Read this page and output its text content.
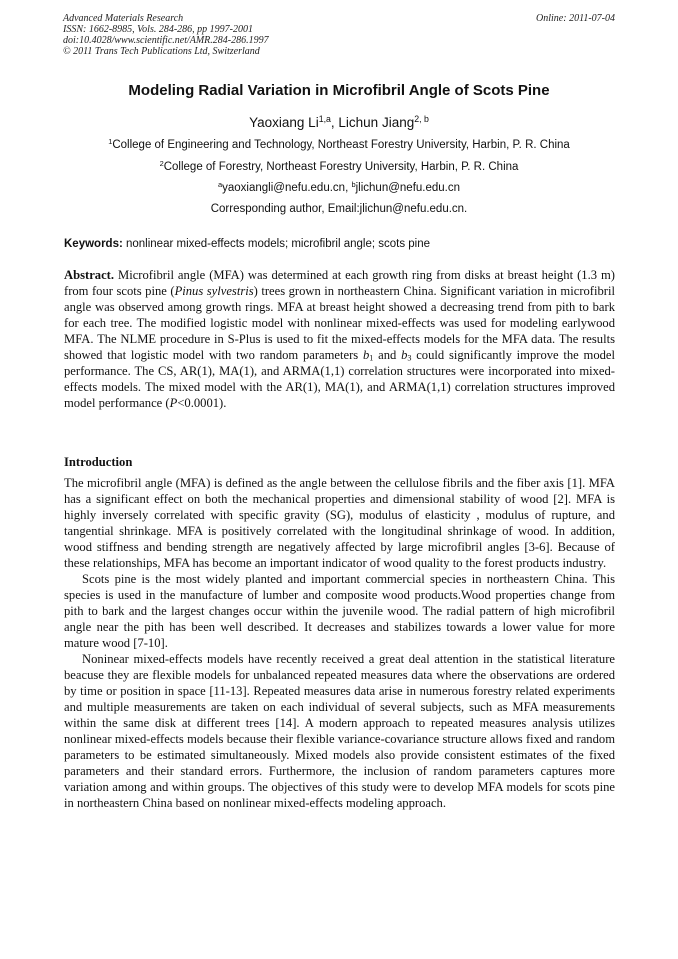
Advanced Materials Research
ISSN: 1662-8985, Vols. 284-286, pp 1997-2001
doi:10.4028/www.scientific.net/AMR.284-286.1997
© 2011 Trans Tech Publications Ltd, Switzerland
Online: 2011-07-04
Modeling Radial Variation in Microfibril Angle of Scots Pine
Yaoxiang Li$^{1,a}$, Lichun Jiang$^{2, b}$
$^1$College of Engineering and Technology, Northeast Forestry University, Harbin, P. R. China
$^2$College of Forestry, Northeast Forestry University, Harbin, P. R. China
$^a$yaoxiangli@nefu.edu.cn, $^b$jlichun@nefu.edu.cn
Corresponding author, Email:jlichun@nefu.edu.cn.
Keywords: nonlinear mixed-effects models; microfibril angle; scots pine
Abstract. Microfibril angle (MFA) was determined at each growth ring from disks at breast height (1.3 m) from four scots pine (Pinus sylvestris) trees grown in northeastern China. Significant variation in microfibril angle was observed among growth rings. MFA at breast height showed a decreasing trend from pith to bark for each tree. The modified logistic model with nonlinear mixed-effects was used for modeling earlywood MFA. The NLME procedure in S-Plus is used to fit the mixed-effects models for the MFA data. The results showed that logistic model with two random parameters $b_1$ and $b_3$ could significantly improve the model performance. The CS, AR(1), MA(1), and ARMA(1,1) correlation structures were incorporated into mixed-effects models. The mixed model with the AR(1), MA(1), and ARMA(1,1) correlation structures improved model performance (P<0.0001).
Introduction

The microfibril angle (MFA) is defined as the angle between the cellulose fibrils and the fiber axis [1]. MFA has a significant effect on both the mechanical properties and dimensional stability of wood [2]. MFA is highly inversely correlated with specific gravity (SG), modulus of elasticity , modulus of rupture, and tangential shrinkage. MFA is positively correlated with the longitudinal shrinkage of wood. In addition, wood stiffness and bending strength are negatively affected by large microfibril angles [3-6]. Because of these relationships, MFA has become an important indicator of wood quality to the forest products industry.

Scots pine is the most widely planted and important commercial species in northeastern China. This species is used in the manufacture of lumber and composite wood products.Wood properties change from pith to bark and the largest changes occur within the juvenile wood. The radial pattern of high microfibril angle near the pith has been well described. It decreases and stabilizes towards a lower value for more mature wood [7-10].

Noninear mixed-effects models have recently received a great deal attention in the statistical literature beacuse they are flexible models for unbalanced repeated measures data where the observations are ordered by time or position in space [11-13]. Repeated measures data arise in numerous forestry related experiments and multiple measurements are taken on each individual of several subjects, such as MFA measurements within the same disk at different trees [14]. A modern approach to repeated measures analysis utilizes nonlinear mixed-effects models because their flexible variance-covariance structure allows fixed and random parameters to be estimated simultaneously. Mixed models also provide consistent estimates of the fixed parameters and their standard errors. Furthermore, the inclusion of random parameters captures more variation among and within groups. The objectives of this study were to develop MFA models for scots pine in northeastern China based on nonlinear mixed-effects modeling approach.
